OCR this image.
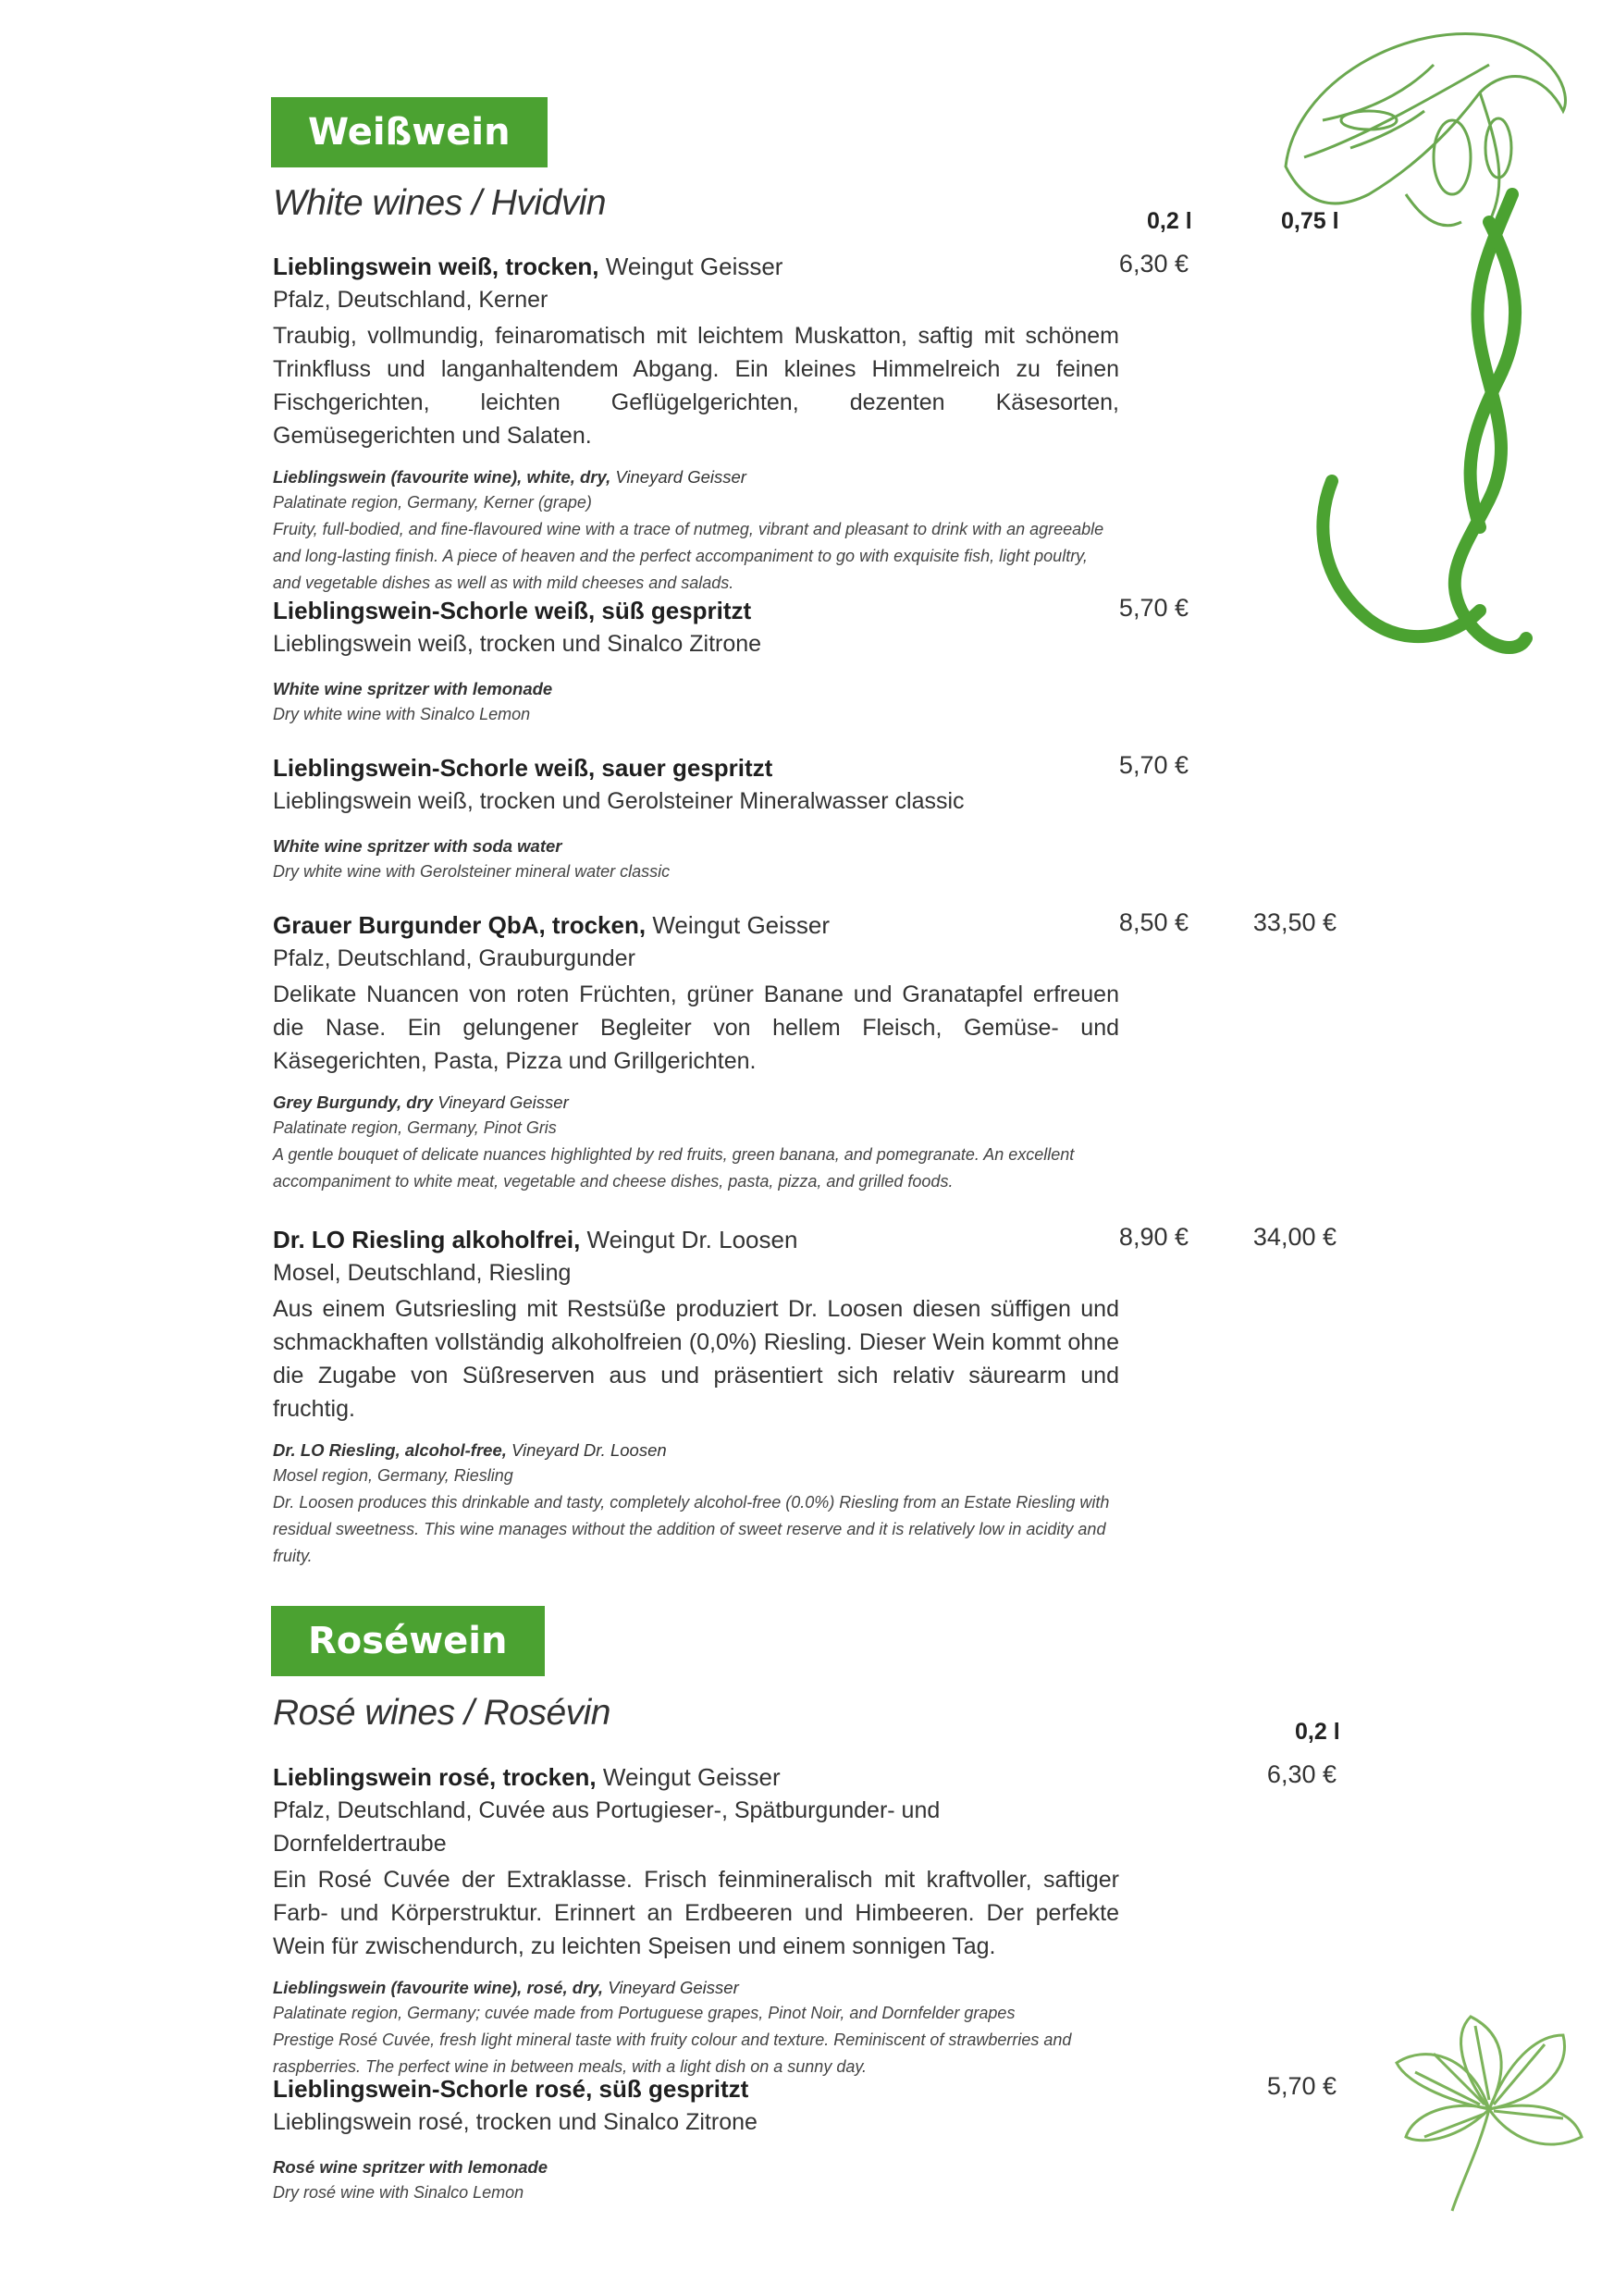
Weißwein
White wines / Hvidvin	0,2 l	0,75 l
Lieblingswein weiß, trocken, Weingut Geisser
Pfalz, Deutschland, Kerner
Traubig, vollmundig, feinaromatisch mit leichtem Muskatton, saftig mit schönem Trinkfluss und langanhaltendem Abgang. Ein kleines Himmelreich zu feinen Fischgerichten, leichten Geflügelgerichten, dezenten Käsesorten, Gemüsegerichten und Salaten.
Lieblingswein (favourite wine), white, dry, Vineyard Geisser
Palatinate region, Germany, Kerner (grape)
Fruity, full-bodied, and fine-flavoured wine with a trace of nutmeg, vibrant and pleasant to drink with an agreeable and long-lasting finish. A piece of heaven and the perfect accompaniment to go with exquisite fish, light poultry, and vegetable dishes as well as with mild cheeses and salads.
6,30 €
Lieblingswein-Schorle weiß, süß gespritzt
Lieblingswein weiß, trocken und Sinalco Zitrone
White wine spritzer with lemonade
Dry white wine with Sinalco Lemon
5,70 €
Lieblingswein-Schorle weiß, sauer gespritzt
Lieblingswein weiß, trocken und Gerolsteiner Mineralwasser classic
White wine spritzer with soda water
Dry white wine with Gerolsteiner mineral water classic
5,70 €
Grauer Burgunder QbA, trocken, Weingut Geisser
Pfalz, Deutschland, Grauburgunder
Delikate Nuancen von roten Früchten, grüner Banane und Granatapfel erfreuen die Nase. Ein gelungener Begleiter von hellem Fleisch, Gemüse- und Käsegerichten, Pasta, Pizza und Grillgerichten.
Grey Burgundy, dry Vineyard Geisser
Palatinate region, Germany, Pinot Gris
A gentle bouquet of delicate nuances highlighted by red fruits, green banana, and pomegranate. An excellent accompaniment to white meat, vegetable and cheese dishes, pasta, pizza, and grilled foods.
8,50 €	33,50 €
Dr. LO Riesling alkoholfrei, Weingut Dr. Loosen
Mosel, Deutschland, Riesling
Aus einem Gutsriesling mit Restsüße produziert Dr. Loosen diesen süffigen und schmackhaften vollständig alkoholfreien (0,0%) Riesling. Dieser Wein kommt ohne die Zugabe von Süßreserven aus und präsentiert sich relativ säurearm und fruchtig.
Dr. LO Riesling, alcohol-free, Vineyard Dr. Loosen
Mosel region, Germany, Riesling
Dr. Loosen produces this drinkable and tasty, completely alcohol-free (0.0%) Riesling from an Estate Riesling with residual sweetness. This wine manages without the addition of sweet reserve and it is relatively low in acidity and fruity.
8,90 €	34,00 €
Roséwein
Rosé wines / Rosévin	0,2 l
Lieblingswein rosé, trocken, Weingut Geisser
Pfalz, Deutschland, Cuvée aus Portugieser-, Spätburgunder- und Dornfeldertraube
Ein Rosé Cuvée der Extraklasse. Frisch feinmineralisch mit kraftvoller, saftiger Farb- und Körperstruktur. Erinnert an Erdbeeren und Himbeeren. Der perfekte Wein für zwischendurch, zu leichten Speisen und einem sonnigen Tag.
Lieblingswein (favourite wine), rosé, dry, Vineyard Geisser
Palatinate region, Germany; cuvée made from Portuguese grapes, Pinot Noir, and Dornfelder grapes
Prestige Rosé Cuvée, fresh light mineral taste with fruity colour and texture. Reminiscent of strawberries and raspberries. The perfect wine in between meals, with a light dish on a sunny day.
6,30 €
Lieblingswein-Schorle rosé, süß gespritzt
Lieblingswein rosé, trocken und Sinalco Zitrone
Rosé wine spritzer with lemonade
Dry rosé wine with Sinalco Lemon
5,70 €
